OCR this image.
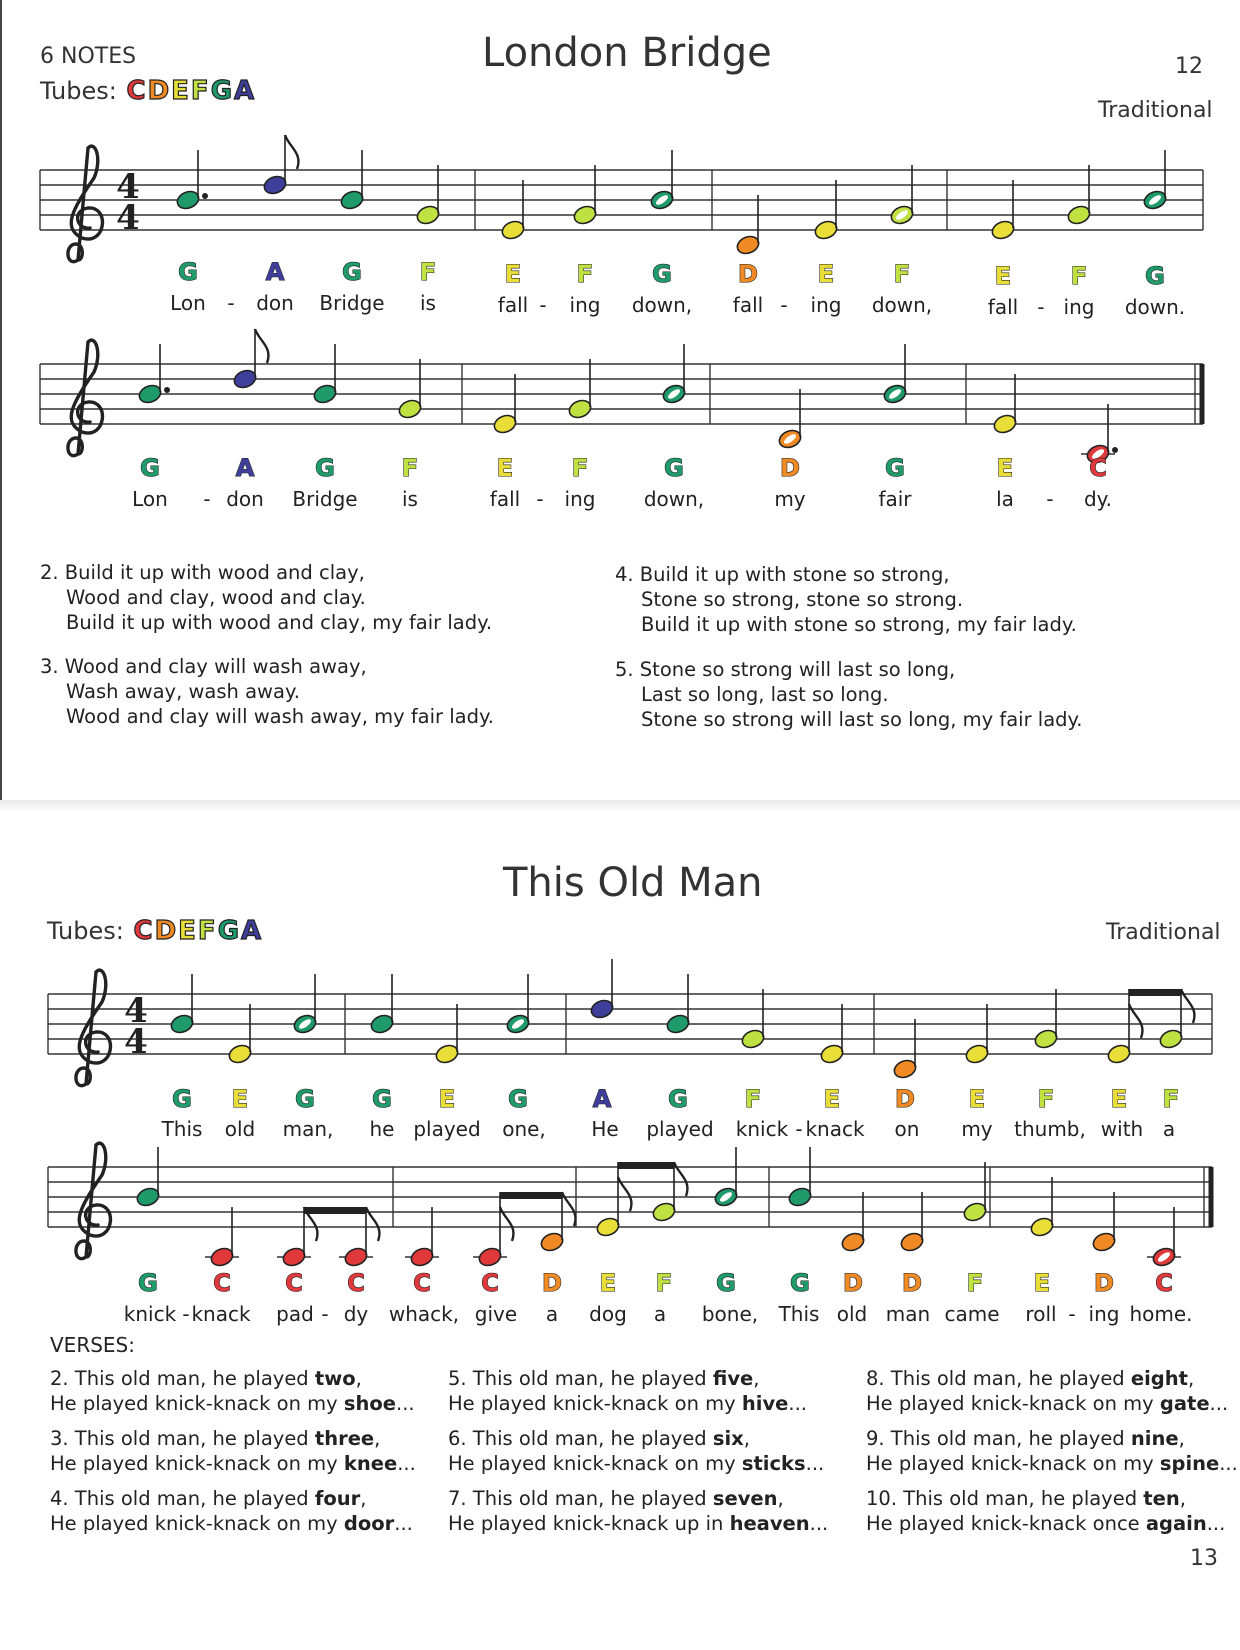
6 NOTES
Tubes: CDEFGA
London Bridge	12
Traditional
4
4
G
Lon
A
don
G
Bridge
F
is
E
fall
F
ing
G
down,
D
fall
E
ing
F
down,
E
fall
F
ing
G
down.
-	-	-	-
G
Lon
A
don
G
Bridge
F
is
E
fall
F
ing
G
down,
D
my
G
fair
E
la
C
dy.
-	-	-
2. Build it up with wood and clay,
Wood and clay, wood and clay.
Build it up with wood and clay, my fair lady.
3. Wood and clay will wash away,
Wash away, wash away.
Wood and clay will wash away, my fair lady.
4. Build it up with stone so strong,
Stone so strong, stone so strong.
Build it up with stone so strong, my fair lady.
5. Stone so strong will last so long,
Last so long, last so long.
Stone so strong will last so long, my fair lady.
This Old Man
Tubes: CDEFGA	Traditional
4
4
G
This
E
old
G
man,
G
he
E
played
G
one,
A
He
G
played
F
knick
E
knack
D
on
E
my
F
thumb,
E
with
F
a
-
G
knick
C
knack
C
pad
C
dy
C
whack,
C
give
D
a
E
dog
F
a
G
bone,
G
This
D
old
D
man
F
came
E
roll
D
ing
C
home.
-	-	-
VERSES:
2. This old man, he played two,
He played knick-knack on my shoe...
3. This old man, he played three,
He played knick-knack on my knee...
4. This old man, he played four,
He played knick-knack on my door...
5. This old man, he played five,
He played knick-knack on my hive...
6. This old man, he played six,
He played knick-knack on my sticks...
7. This old man, he played seven,
He played knick-knack up in heaven...
8. This old man, he played eight,
He played knick-knack on my gate...
9. This old man, he played nine,
He played knick-knack on my spine...
10. This old man, he played ten,
He played knick-knack once again...
13
